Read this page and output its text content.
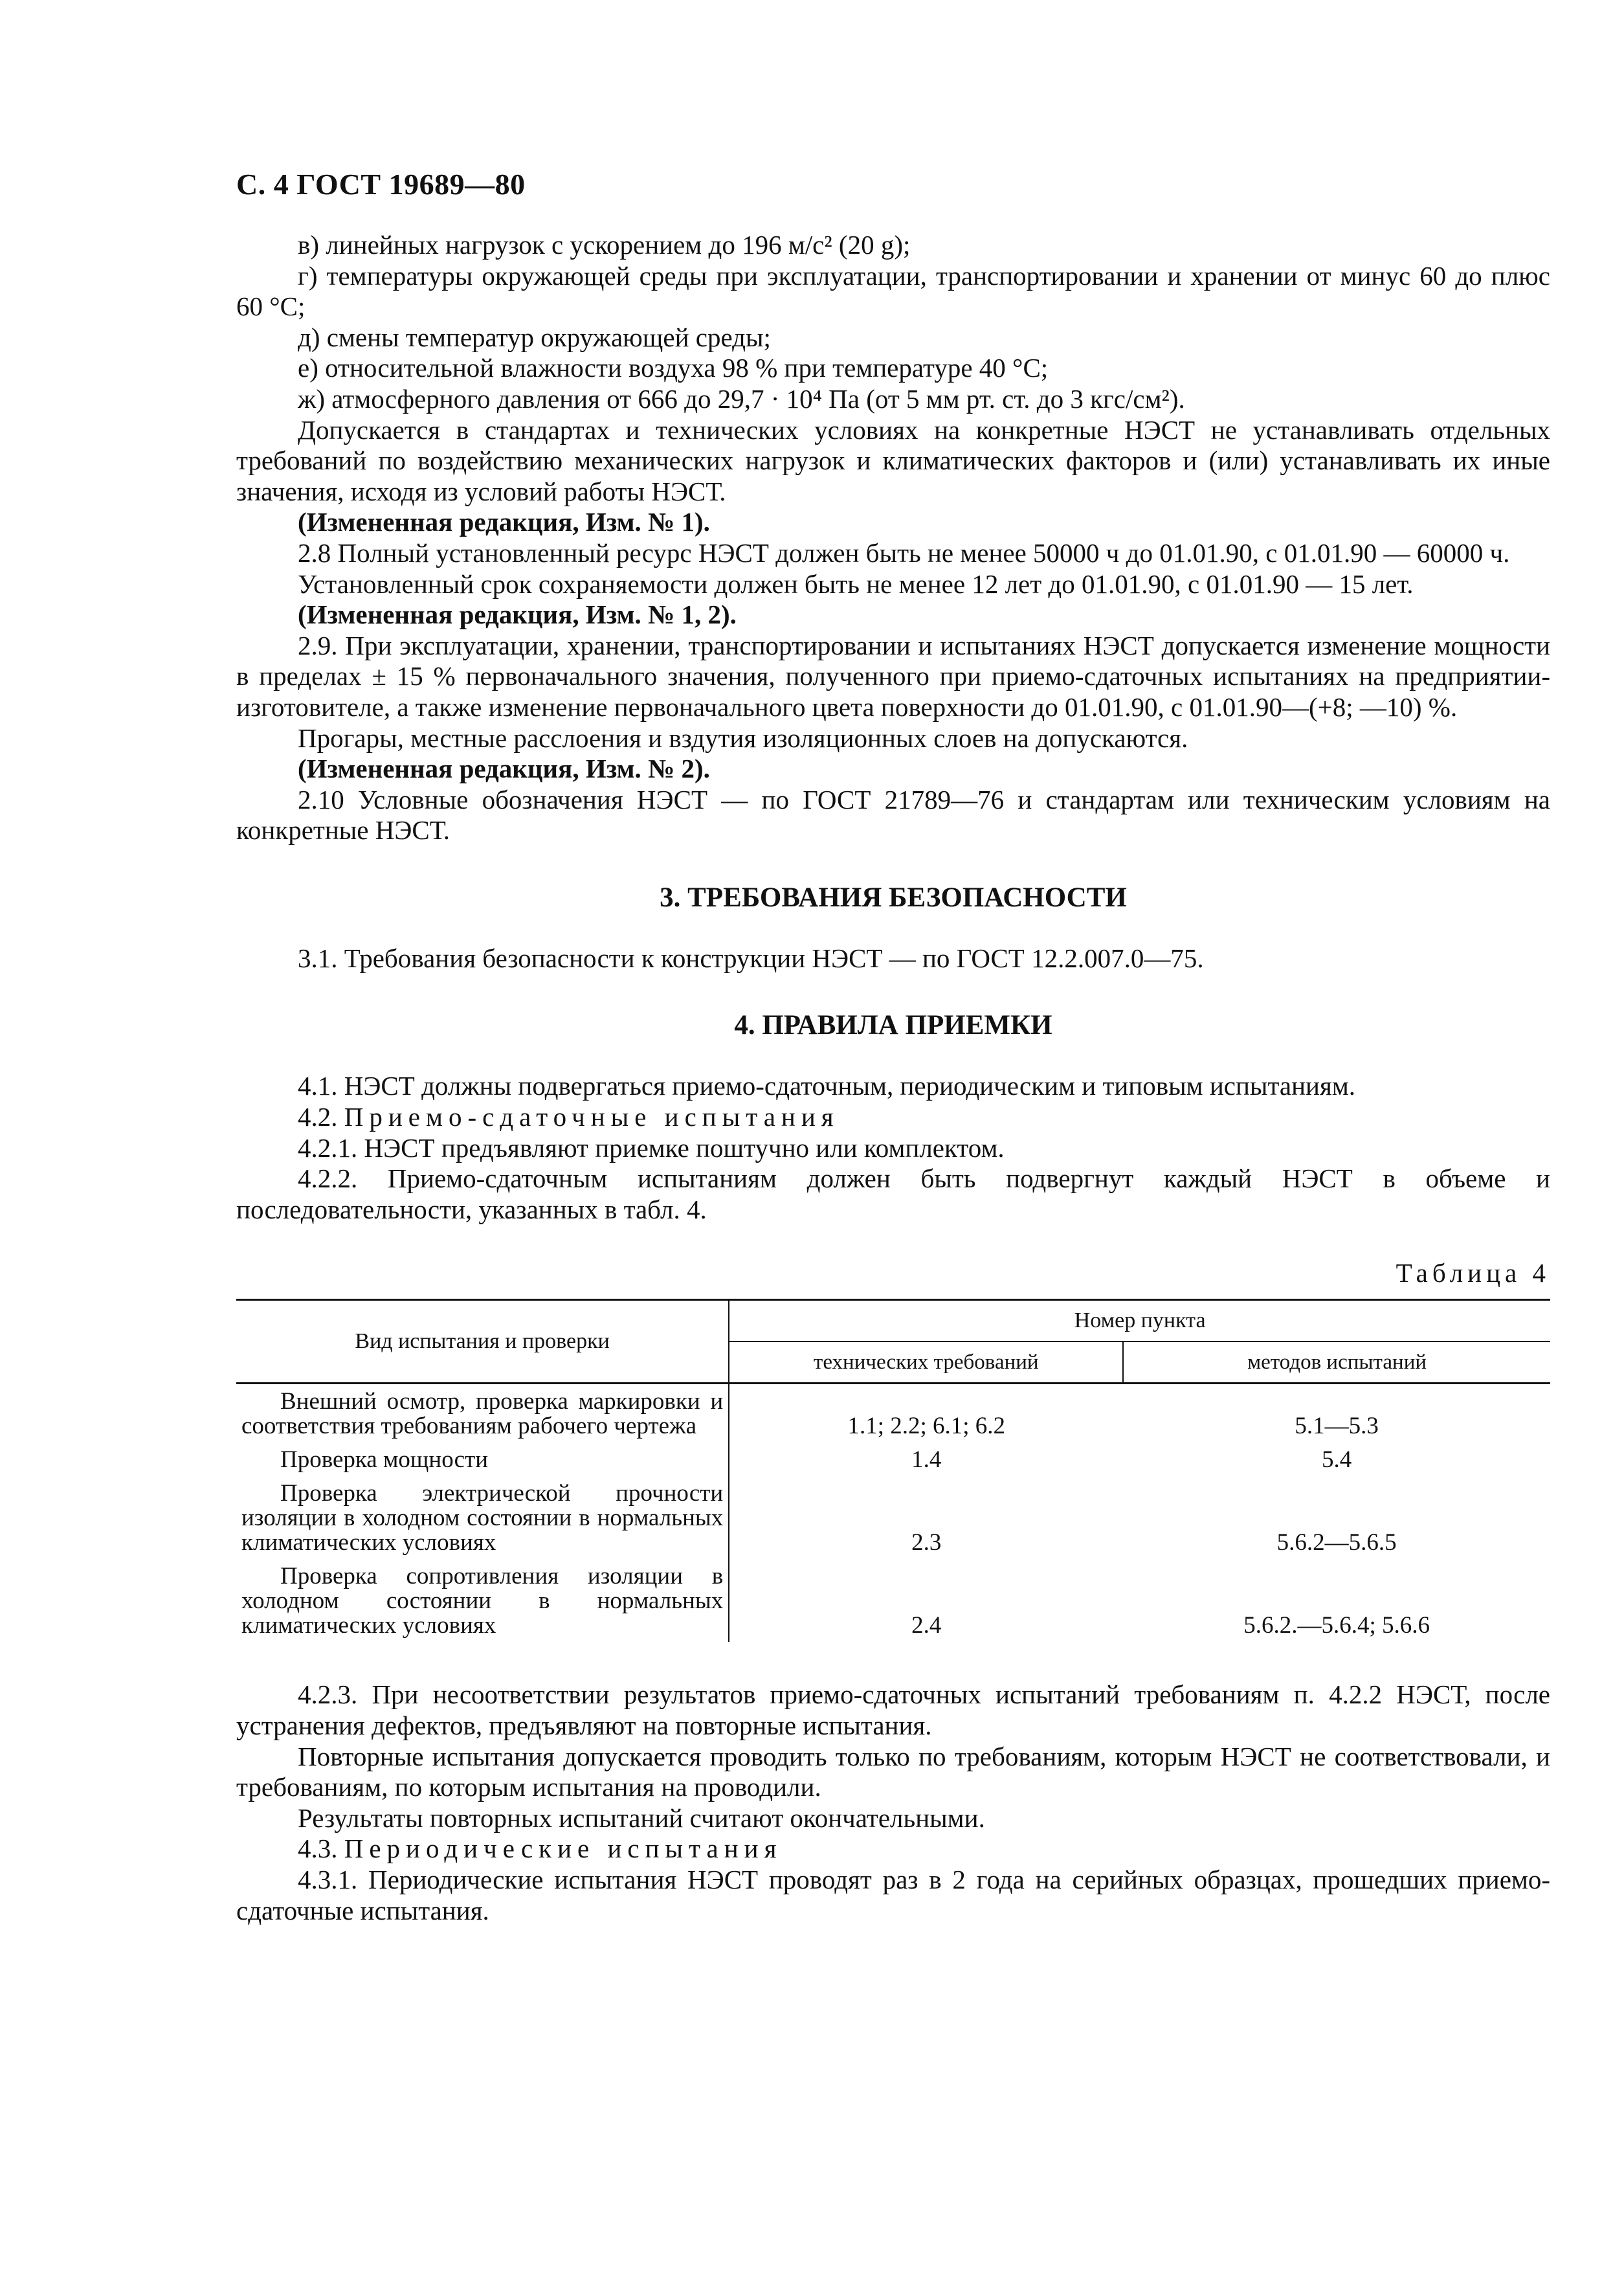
С. 4 ГОСТ 19689—80

в) линейных нагрузок с ускорением до 196 м/с² (20 g);

г) температуры окружающей среды при эксплуатации, транспортировании и хранении от минус 60 до плюс 60 °С;

д) смены температур окружающей среды;

е) относительной влажности воздуха 98 % при температуре 40 °С;

ж) атмосферного давления от 666 до 29,7 · 10⁴ Па (от 5 мм рт. ст. до 3 кгс/см²).

Допускается в стандартах и технических условиях на конкретные НЭСТ не устанавливать отдельных требований по воздействию механических нагрузок и климатических факторов и (или) устанавливать их иные значения, исходя из условий работы НЭСТ.

(Измененная редакция, Изм. № 1).

2.8 Полный установленный ресурс НЭСТ должен быть не менее 50000 ч до 01.01.90, с 01.01.90 — 60000 ч.

Установленный срок сохраняемости должен быть не менее 12 лет до 01.01.90, с 01.01.90 — 15 лет.

(Измененная редакция, Изм. № 1, 2).

2.9. При эксплуатации, хранении, транспортировании и испытаниях НЭСТ допускается изменение мощности в пределах ± 15 % первоначального значения, полученного при приемо-сдаточных испытаниях на предприятии-изготовителе, а также изменение первоначального цвета поверхности до 01.01.90, с 01.01.90—(+8; —10) %.

Прогары, местные расслоения и вздутия изоляционных слоев на допускаются.

(Измененная редакция, Изм. № 2).

2.10 Условные обозначения НЭСТ — по ГОСТ 21789—76 и стандартам или техническим условиям на конкретные НЭСТ.

3. ТРЕБОВАНИЯ БЕЗОПАСНОСТИ

3.1. Требования безопасности к конструкции НЭСТ — по ГОСТ 12.2.007.0—75.

4. ПРАВИЛА ПРИЕМКИ

4.1. НЭСТ должны подвергаться приемо-сдаточным, периодическим и типовым испытаниям.

4.2. Приемо-сдаточные испытания

4.2.1. НЭСТ предъявляют приемке поштучно или комплектом.

4.2.2. Приемо-сдаточным испытаниям должен быть подвергнут каждый НЭСТ в объеме и последовательности, указанных в табл. 4.

Таблица 4
Вид испытания и проверки	Номер пункта	
	технических требований	методов испытаний
Внешний осмотр, проверка маркировки и соответствия требованиям рабочего чертежа	1.1; 2.2; 6.1; 6.2	5.1—5.3
Проверка мощности	1.4	5.4
Проверка электрической прочности изоляции в холодном состоянии в нормальных климатических условиях	2.3	5.6.2—5.6.5
Проверка сопротивления изоляции в холодном состоянии в нормальных климатических условиях	2.4	5.6.2.—5.6.4; 5.6.6

4.2.3. При несоответствии результатов приемо-сдаточных испытаний требованиям п. 4.2.2 НЭСТ, после устранения дефектов, предъявляют на повторные испытания.

Повторные испытания допускается проводить только по требованиям, которым НЭСТ не соответствовали, и требованиям, по которым испытания на проводили.

Результаты повторных испытаний считают окончательными.

4.3. Периодические испытания

4.3.1. Периодические испытания НЭСТ проводят раз в 2 года на серийных образцах, прошедших приемо-сдаточные испытания.
